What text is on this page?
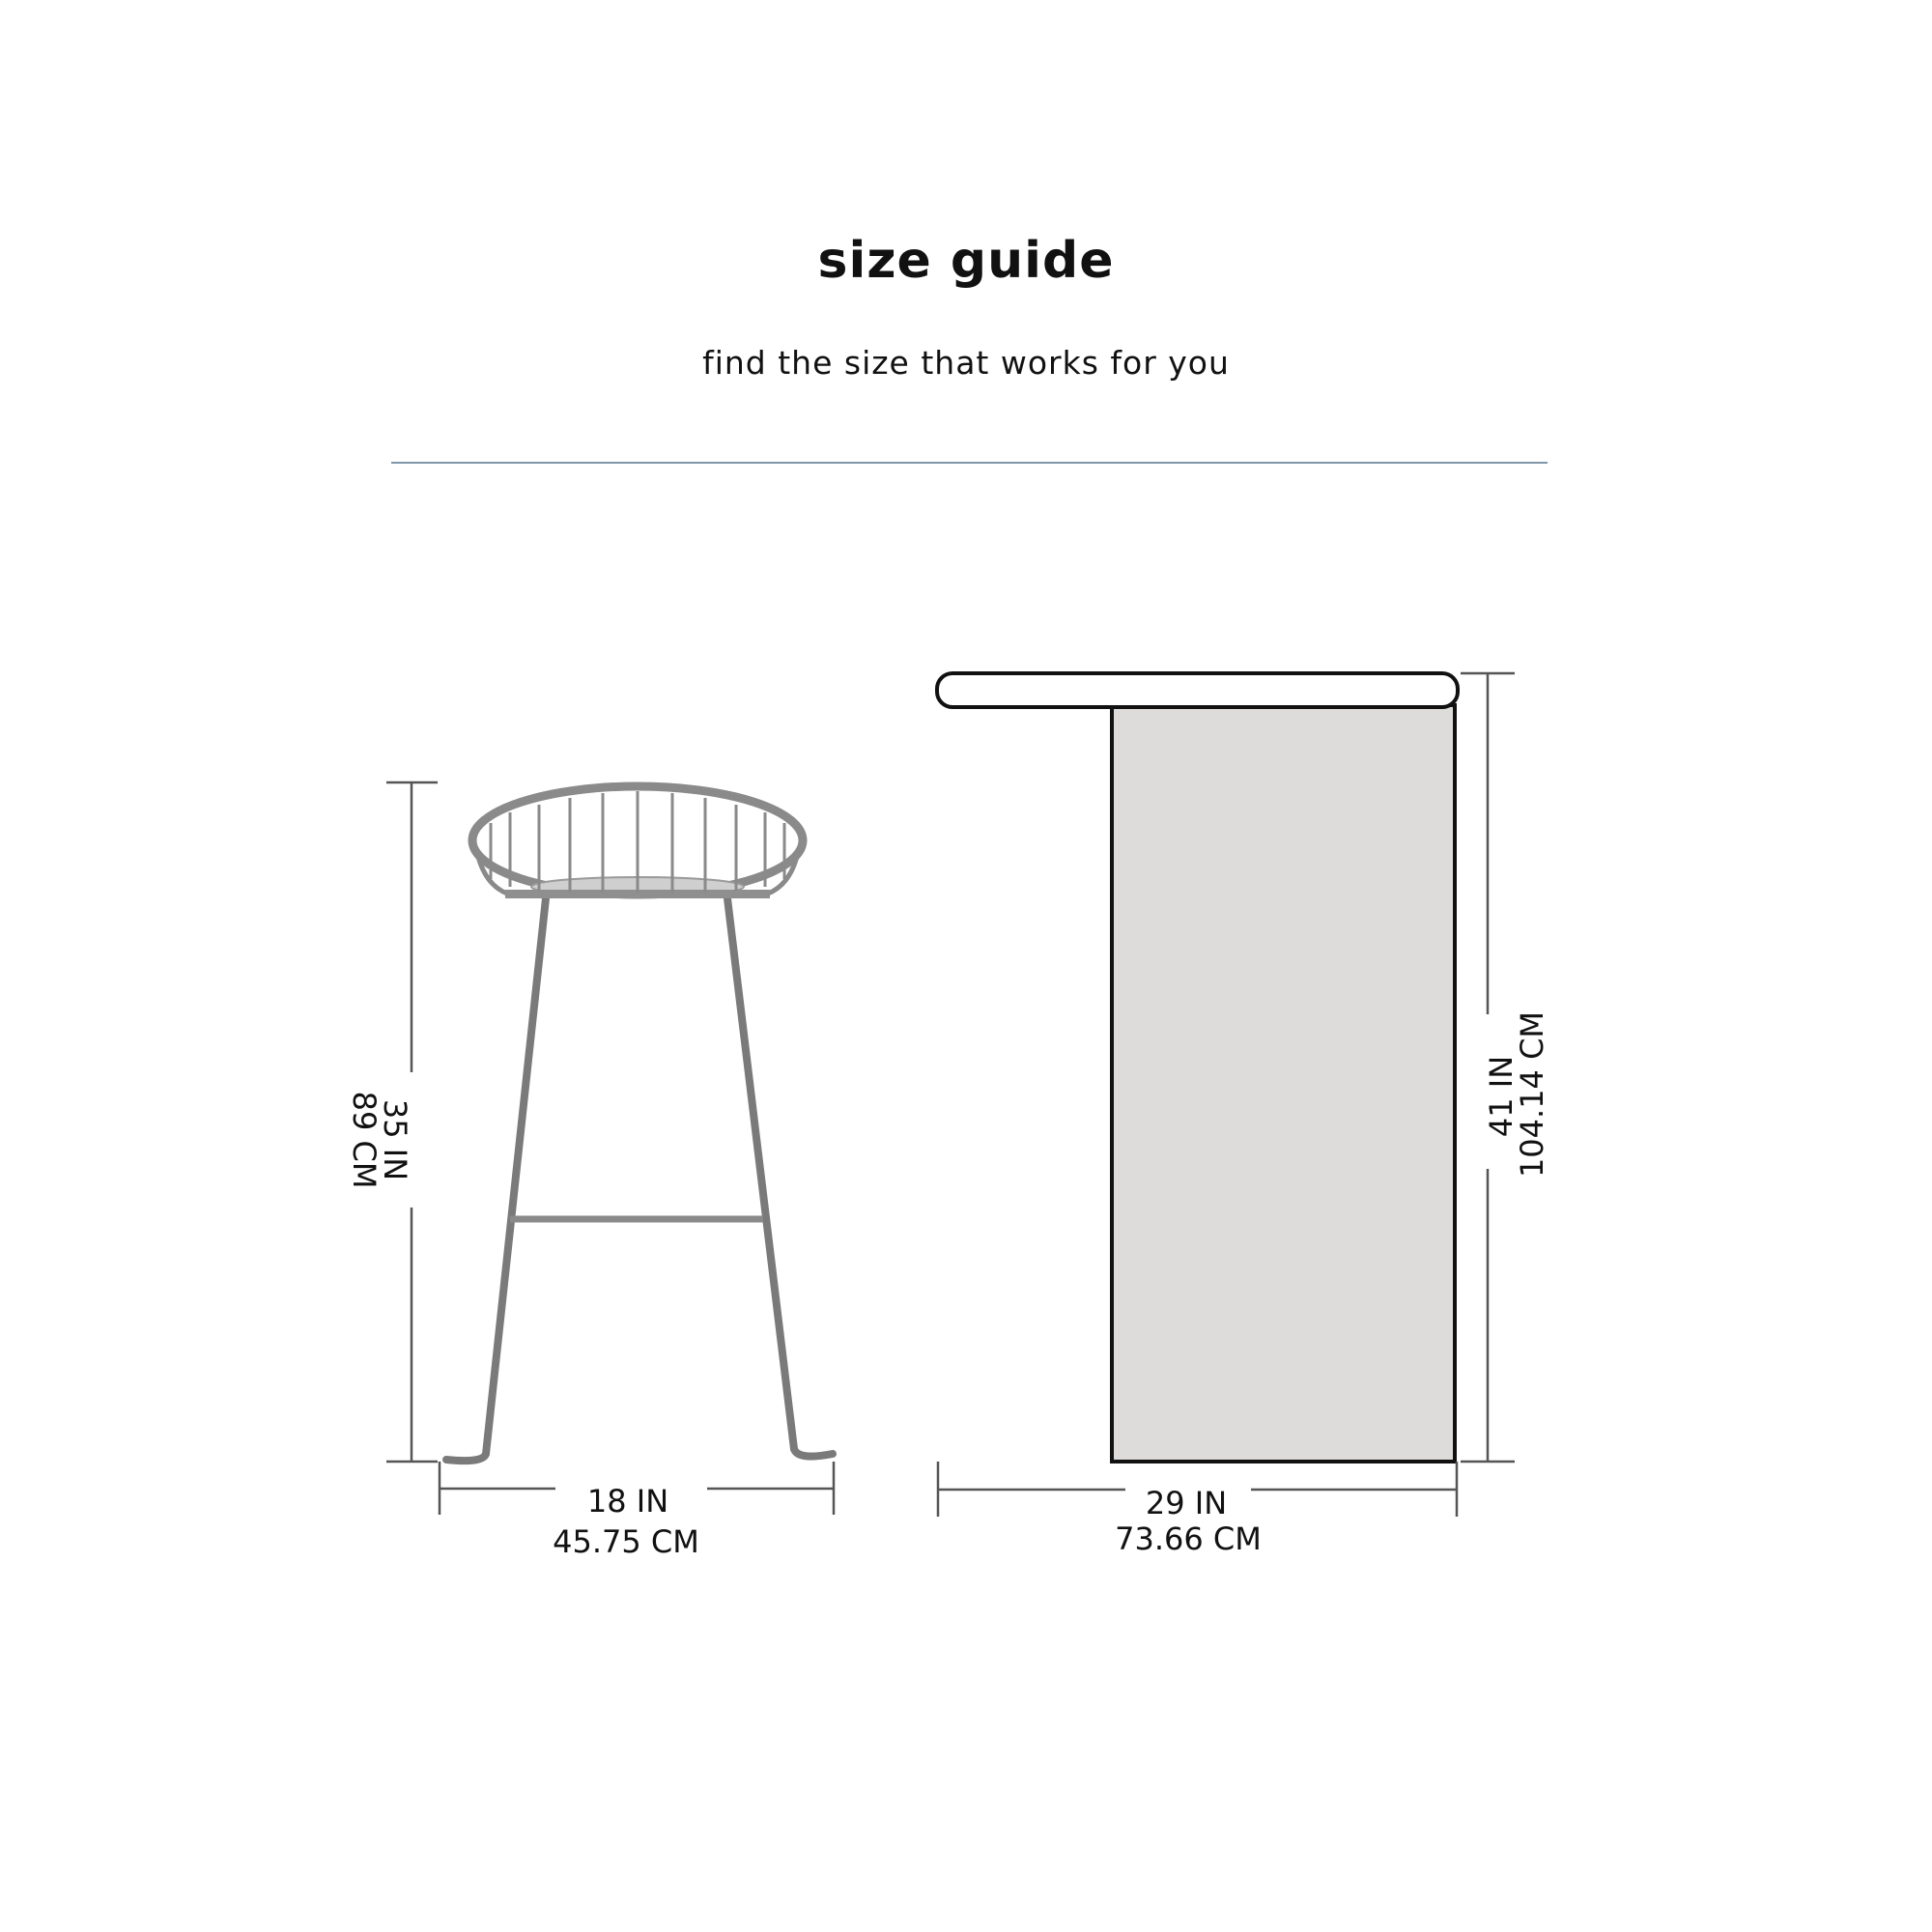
size guide

find the size that works for you

35 IN
89 CM
18 IN
45.75 CM
41 IN
104.14 CM
29 IN
73.66 CM
